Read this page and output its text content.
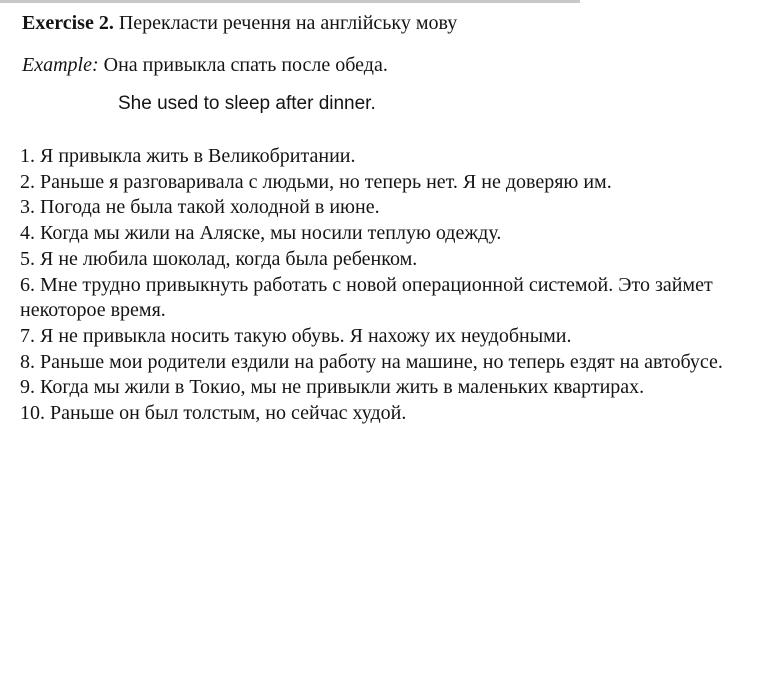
Exercise 2. Перекласти речення на англійську мову
Example: Она привыкла спать после обеда.
She used to sleep after dinner.
1. Я привыкла жить в Великобритании.
2. Раньше я разговаривала с людьми, но теперь нет. Я не доверяю им.
3. Погода не была такой холодной в июне.
4. Когда мы жили на Аляске, мы носили теплую одежду.
5. Я не любила шоколад, когда была ребенком.
6. Мне трудно привыкнуть работать с новой операционной системой. Это займет некоторое время.
7. Я не привыкла носить такую обувь. Я нахожу их неудобными.
8. Раньше мои родители ездили на работу на машине, но теперь ездят на автобусе.
9. Когда мы жили в Токио, мы не привыкли жить в маленьких квартирах.
10. Раньше он был толстым, но сейчас худой.
